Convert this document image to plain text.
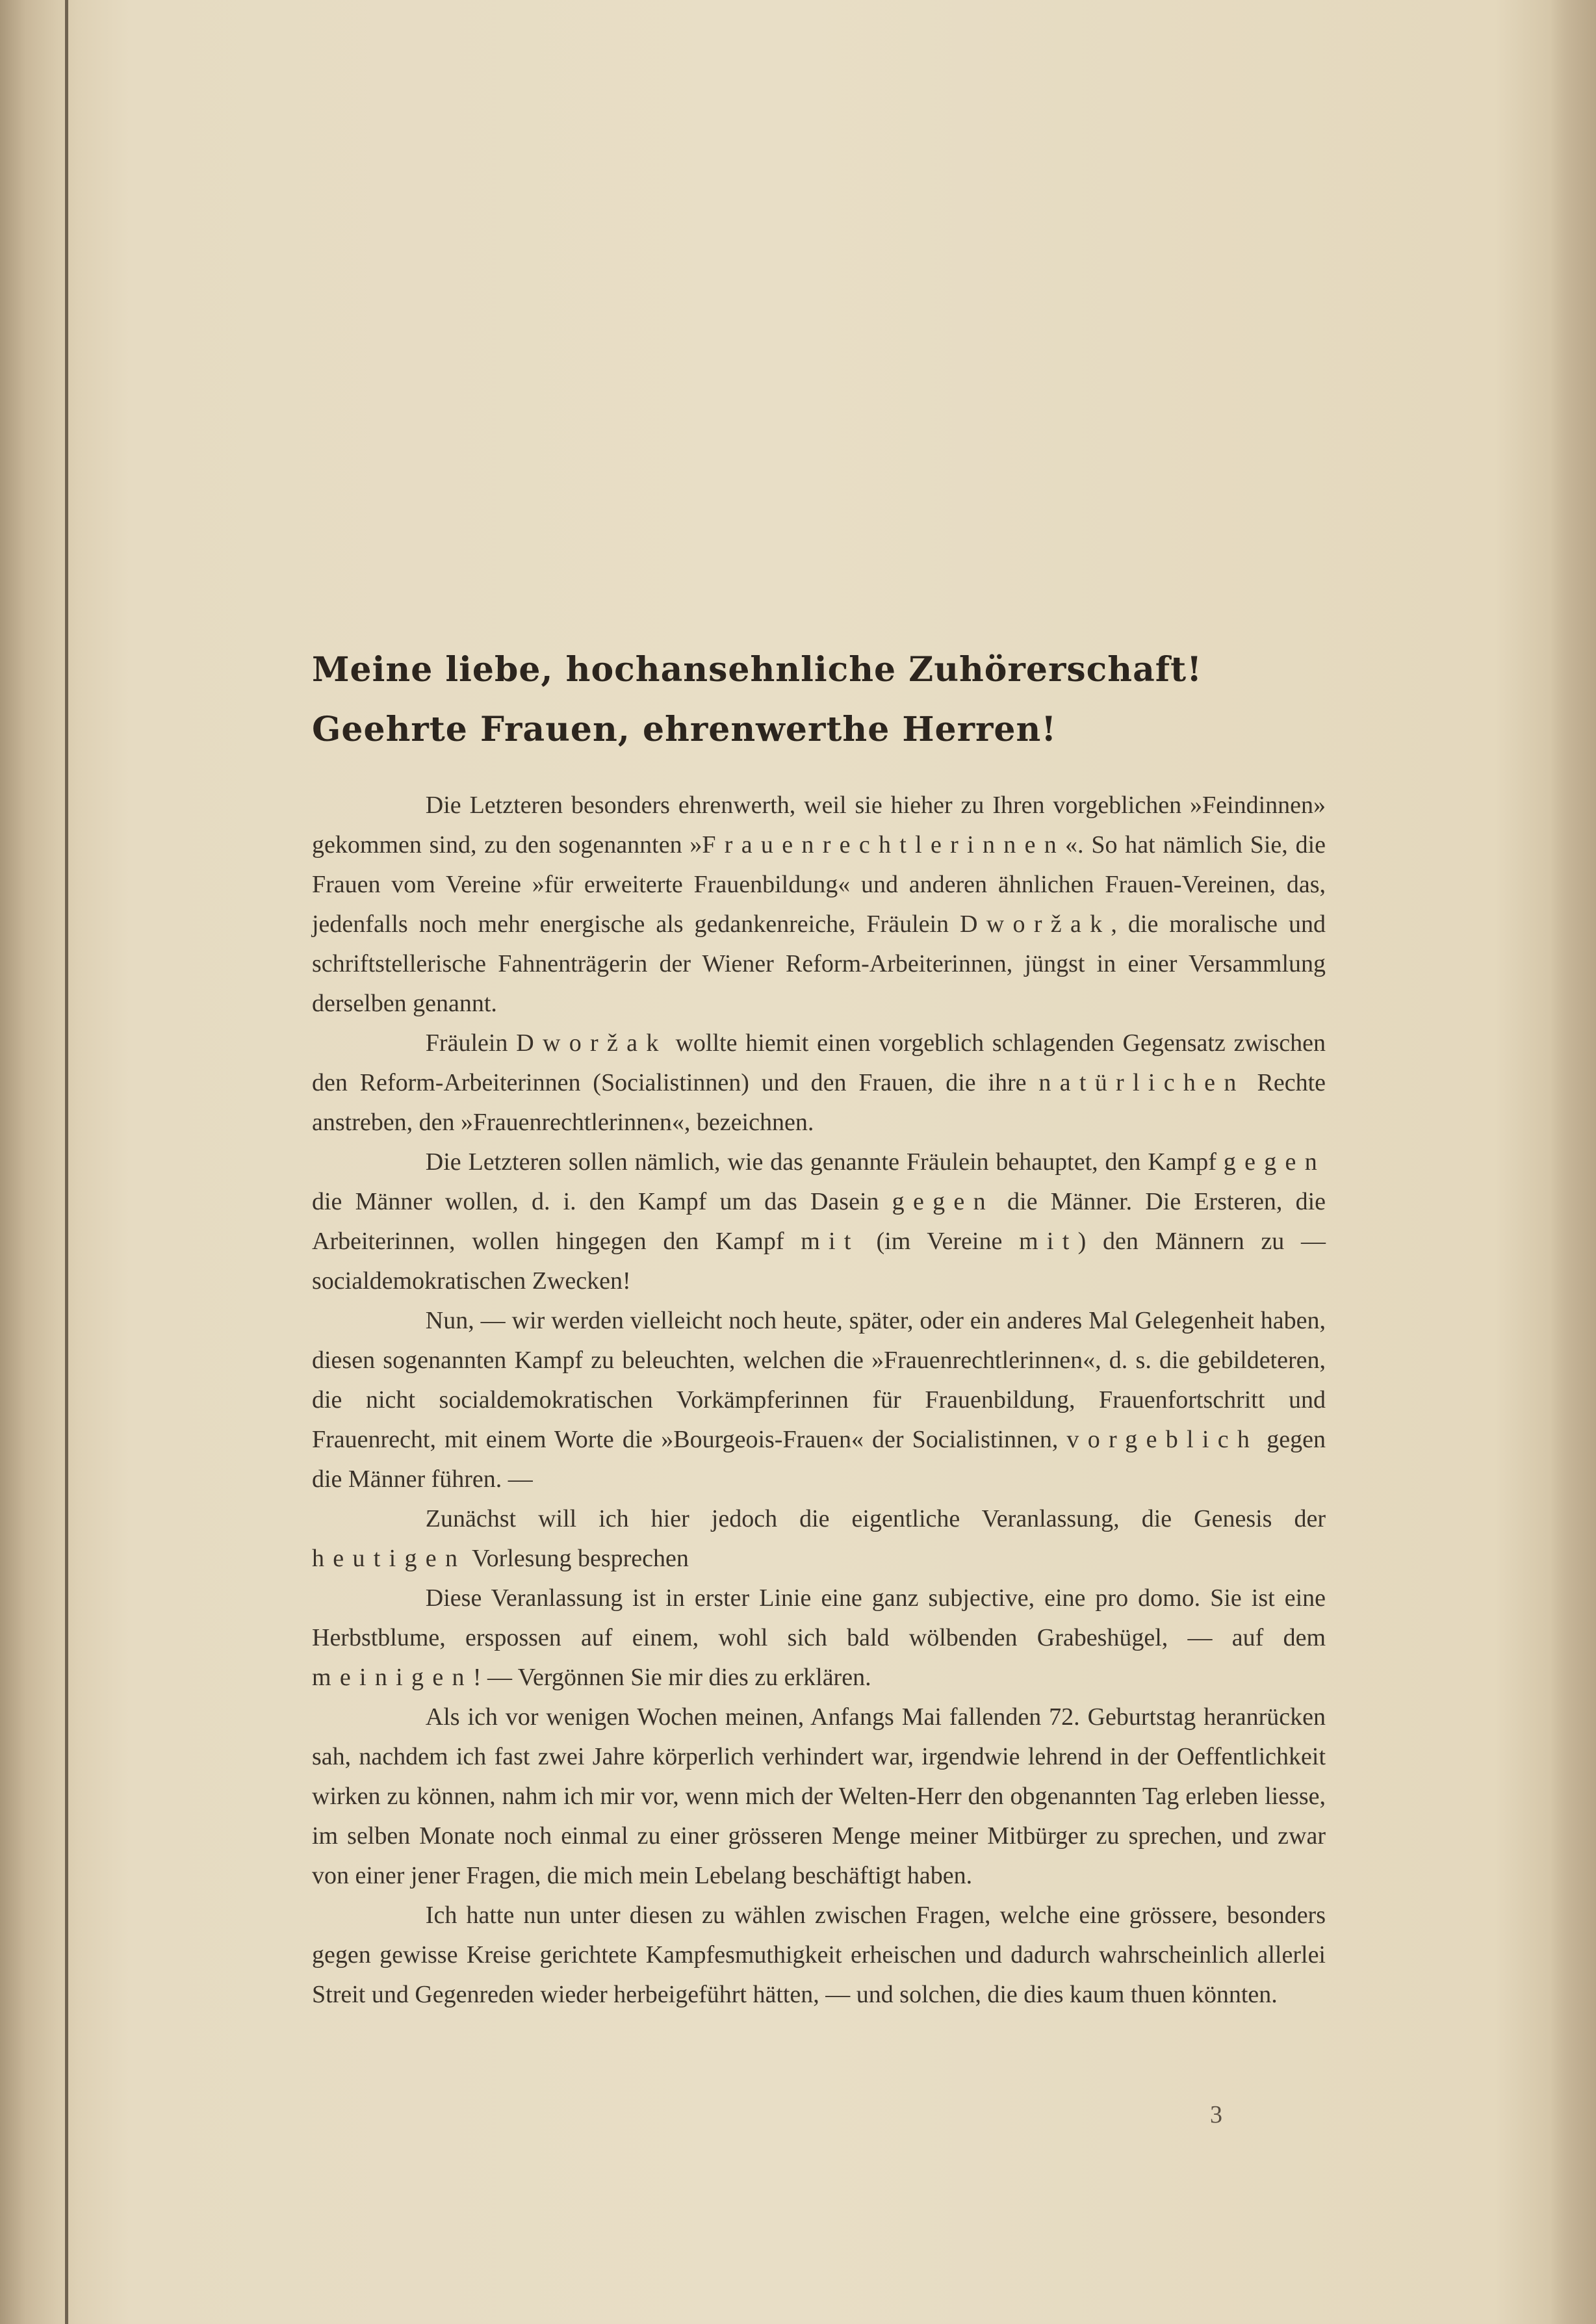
Meine liebe, hochansehnliche Zuhörerschaft!

Geehrte Frauen, ehrenwerthe Herren!

Die Letzteren besonders ehrenwerth, weil sie hieher zu Ihren vorgeblichen »Feindinnen» gekommen sind, zu den sogenannten »Frauenrechtlerinnen«. So hat nämlich Sie, die Frauen vom Vereine »für erweiterte Frauenbildung« und anderen ähnlichen Frauen-Vereinen, das, jedenfalls noch mehr energische als gedankenreiche, Fräulein Dworžak, die moralische und schriftstellerische Fahnenträgerin der Wiener Reform-Arbeiterinnen, jüngst in einer Versammlung derselben genannt.

Fräulein Dworžak wollte hiemit einen vorgeblich schlagenden Gegensatz zwischen den Reform-Arbeiterinnen (Socialistinnen) und den Frauen, die ihre natürlichen Rechte anstreben, den »Frauenrechtlerinnen«, bezeichnen.

Die Letzteren sollen nämlich, wie das genannte Fräulein behauptet, den Kampf gegen die Männer wollen, d. i. den Kampf um das Dasein gegen die Männer. Die Ersteren, die Arbeiterinnen, wollen hingegen den Kampf mit (im Vereine mit) den Männern zu — socialdemokratischen Zwecken!

Nun, — wir werden vielleicht noch heute, später, oder ein anderes Mal Gelegenheit haben, diesen sogenannten Kampf zu beleuchten, welchen die »Frauenrechtlerinnen«, d. s. die gebildeteren, die nicht socialdemokratischen Vorkämpferinnen für Frauenbildung, Frauenfortschritt und Frauenrecht, mit einem Worte die »Bourgeois-Frauen« der Socialistinnen, vorgeblich gegen die Männer führen. —

Zunächst will ich hier jedoch die eigentliche Veranlassung, die Genesis der heutigen Vorlesung besprechen

Diese Veranlassung ist in erster Linie eine ganz subjective, eine pro domo. Sie ist eine Herbstblume, erspossen auf einem, wohl sich bald wölbenden Grabeshügel, — auf dem meinigen! — Vergönnen Sie mir dies zu erklären.

Als ich vor wenigen Wochen meinen, Anfangs Mai fallenden 72. Geburtstag heranrücken sah, nachdem ich fast zwei Jahre körperlich verhindert war, irgendwie lehrend in der Oeffentlichkeit wirken zu können, nahm ich mir vor, wenn mich der Welten-Herr den obgenannten Tag erleben liesse, im selben Monate noch einmal zu einer grösseren Menge meiner Mitbürger zu sprechen, und zwar von einer jener Fragen, die mich mein Lebelang beschäftigt haben.

Ich hatte nun unter diesen zu wählen zwischen Fragen, welche eine grössere, besonders gegen gewisse Kreise gerichtete Kampfesmuthigkeit erheischen und dadurch wahrscheinlich allerlei Streit und Gegenreden wieder herbeigeführt hätten, — und solchen, die dies kaum thuen könnten.

3
